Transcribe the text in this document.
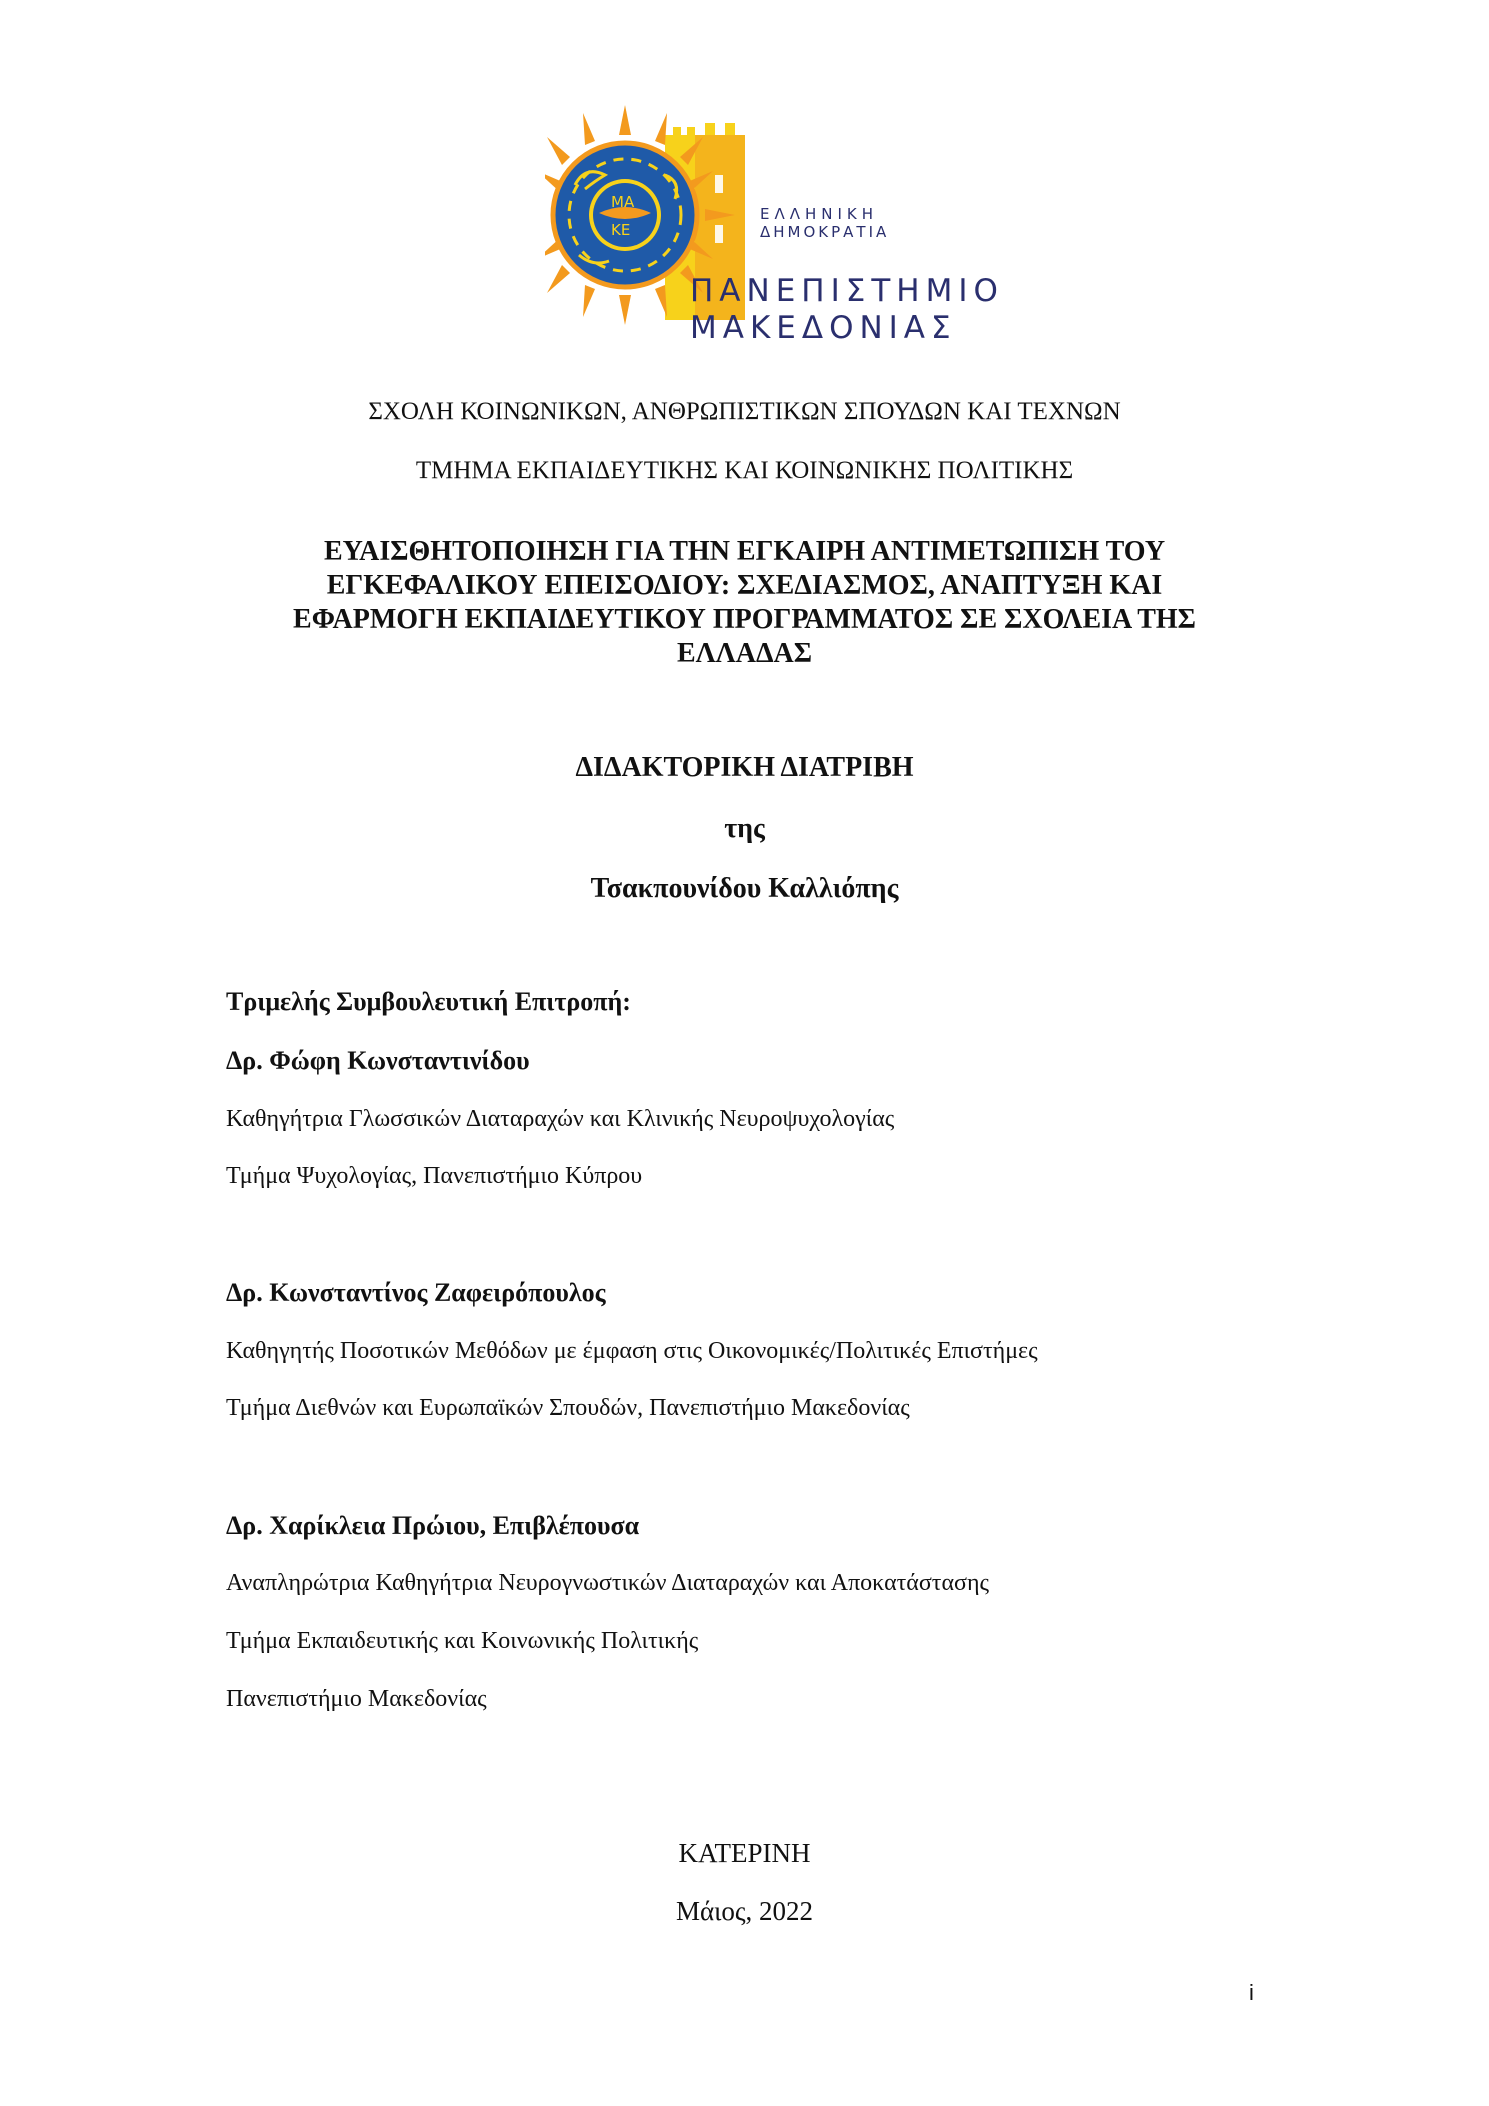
ΜΑ
ΚΕ
ΕΛΛΗΝΙΚΗ
ΔΗΜΟΚΡΑΤΙΑ
ΠΑΝΕΠΙΣΤΗΜΙΟ
ΜΑΚΕΔΟΝΙΑΣ
ΣΧΟΛΗ ΚΟΙΝΩΝΙΚΩΝ, ΑΝΘΡΩΠΙΣΤΙΚΩΝ ΣΠΟΥΔΩΝ ΚΑΙ ΤΕΧΝΩΝ
ΤΜΗΜΑ ΕΚΠΑΙΔΕΥΤΙΚΗΣ ΚΑΙ ΚΟΙΝΩΝΙΚΗΣ ΠΟΛΙΤΙΚΗΣ
ΕΥΑΙΣΘΗΤΟΠΟΙΗΣΗ ΓΙΑ ΤΗΝ ΕΓΚΑΙΡΗ ΑΝΤΙΜΕΤΩΠΙΣΗ ΤΟΥ
ΕΓΚΕΦΑΛΙΚΟΥ ΕΠΕΙΣΟΔΙΟΥ: ΣΧΕΔΙΑΣΜΟΣ, ΑΝΑΠΤΥΞΗ ΚΑΙ
ΕΦΑΡΜΟΓΗ ΕΚΠΑΙΔΕΥΤΙΚΟΥ ΠΡΟΓΡΑΜΜΑΤΟΣ ΣΕ ΣΧΟΛΕΙΑ ΤΗΣ
ΕΛΛΑΔΑΣ
ΔΙΔΑΚΤΟΡΙΚΗ ΔΙΑΤΡΙΒΗ
της
Τσακπουνίδου Καλλιόπης
Τριμελής Συμβουλευτική Επιτροπή:
Δρ. Φώφη Κωνσταντινίδου
Καθηγήτρια Γλωσσικών Διαταραχών και Κλινικής Νευροψυχολογίας
Τμήμα Ψυχολογίας, Πανεπιστήμιο Κύπρου
Δρ. Κωνσταντίνος Ζαφειρόπουλος
Καθηγητής Ποσοτικών Μεθόδων με έμφαση στις Οικονομικές/Πολιτικές Επιστήμες
Τμήμα Διεθνών και Ευρωπαϊκών Σπουδών, Πανεπιστήμιο Μακεδονίας
Δρ. Χαρίκλεια Πρώιου, Επιβλέπουσα
Αναπληρώτρια Καθηγήτρια Νευρογνωστικών Διαταραχών και Αποκατάστασης
Τμήμα Εκπαιδευτικής και Κοινωνικής Πολιτικής
Πανεπιστήμιο Μακεδονίας
ΚΑΤΕΡΙΝΗ
Μάιος, 2022
i
